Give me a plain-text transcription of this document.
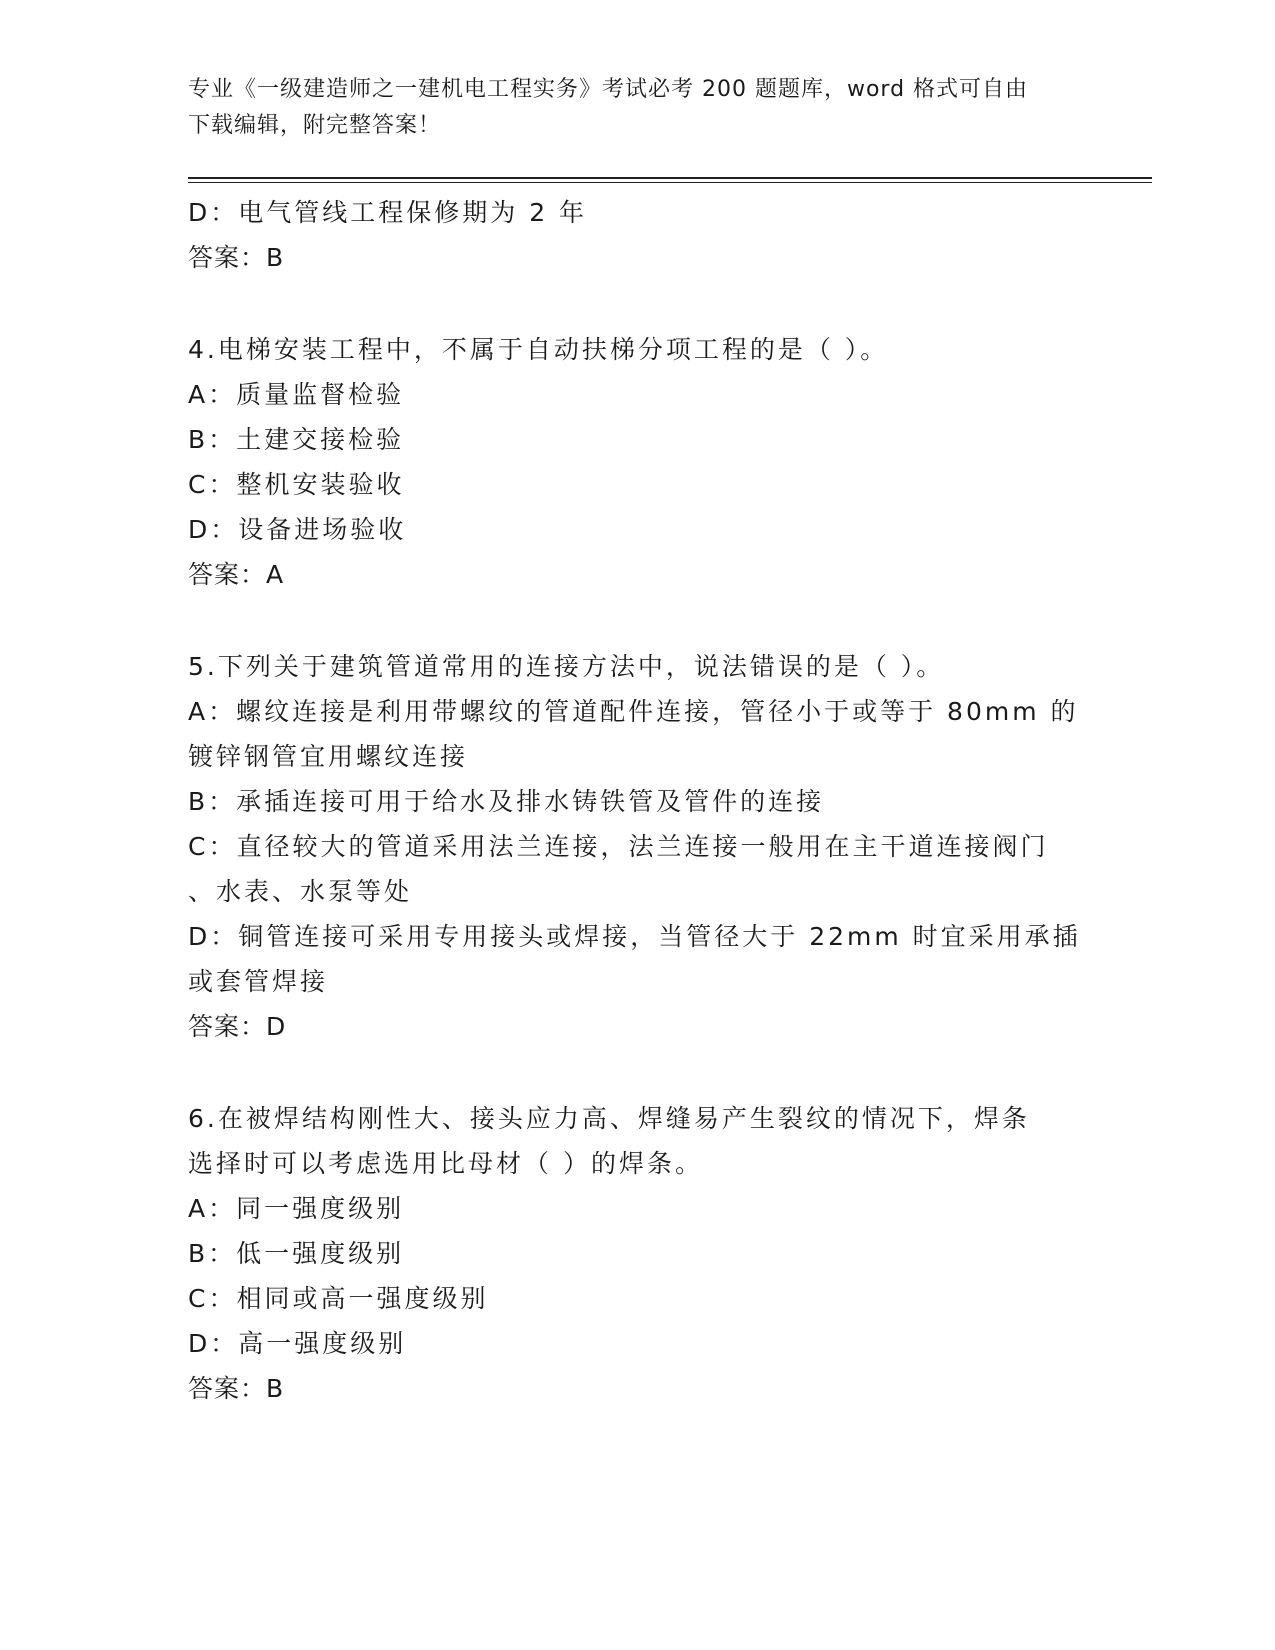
专业《一级建造师之一建机电工程实务》考试必考 200 题题库，word 格式可自由
下载编辑，附完整答案！
D：电气管线工程保修期为 2 年
答案：B
4.电梯安装工程中，不属于自动扶梯分项工程的是（ ）。
A：质量监督检验
B：土建交接检验
C：整机安装验收
D：设备进场验收
答案：A
5.下列关于建筑管道常用的连接方法中，说法错误的是（ ）。
A：螺纹连接是利用带螺纹的管道配件连接，管径小于或等于 80mm 的
镀锌钢管宜用螺纹连接
B：承插连接可用于给水及排水铸铁管及管件的连接
C：直径较大的管道采用法兰连接，法兰连接一般用在主干道连接阀门
、水表、水泵等处
D：铜管连接可采用专用接头或焊接，当管径大于 22mm 时宜采用承插
或套管焊接
答案：D
6.在被焊结构刚性大、接头应力高、焊缝易产生裂纹的情况下，焊条
选择时可以考虑选用比母材（ ）的焊条。
A：同一强度级别
B：低一强度级别
C：相同或高一强度级别
D：高一强度级别
答案：B
